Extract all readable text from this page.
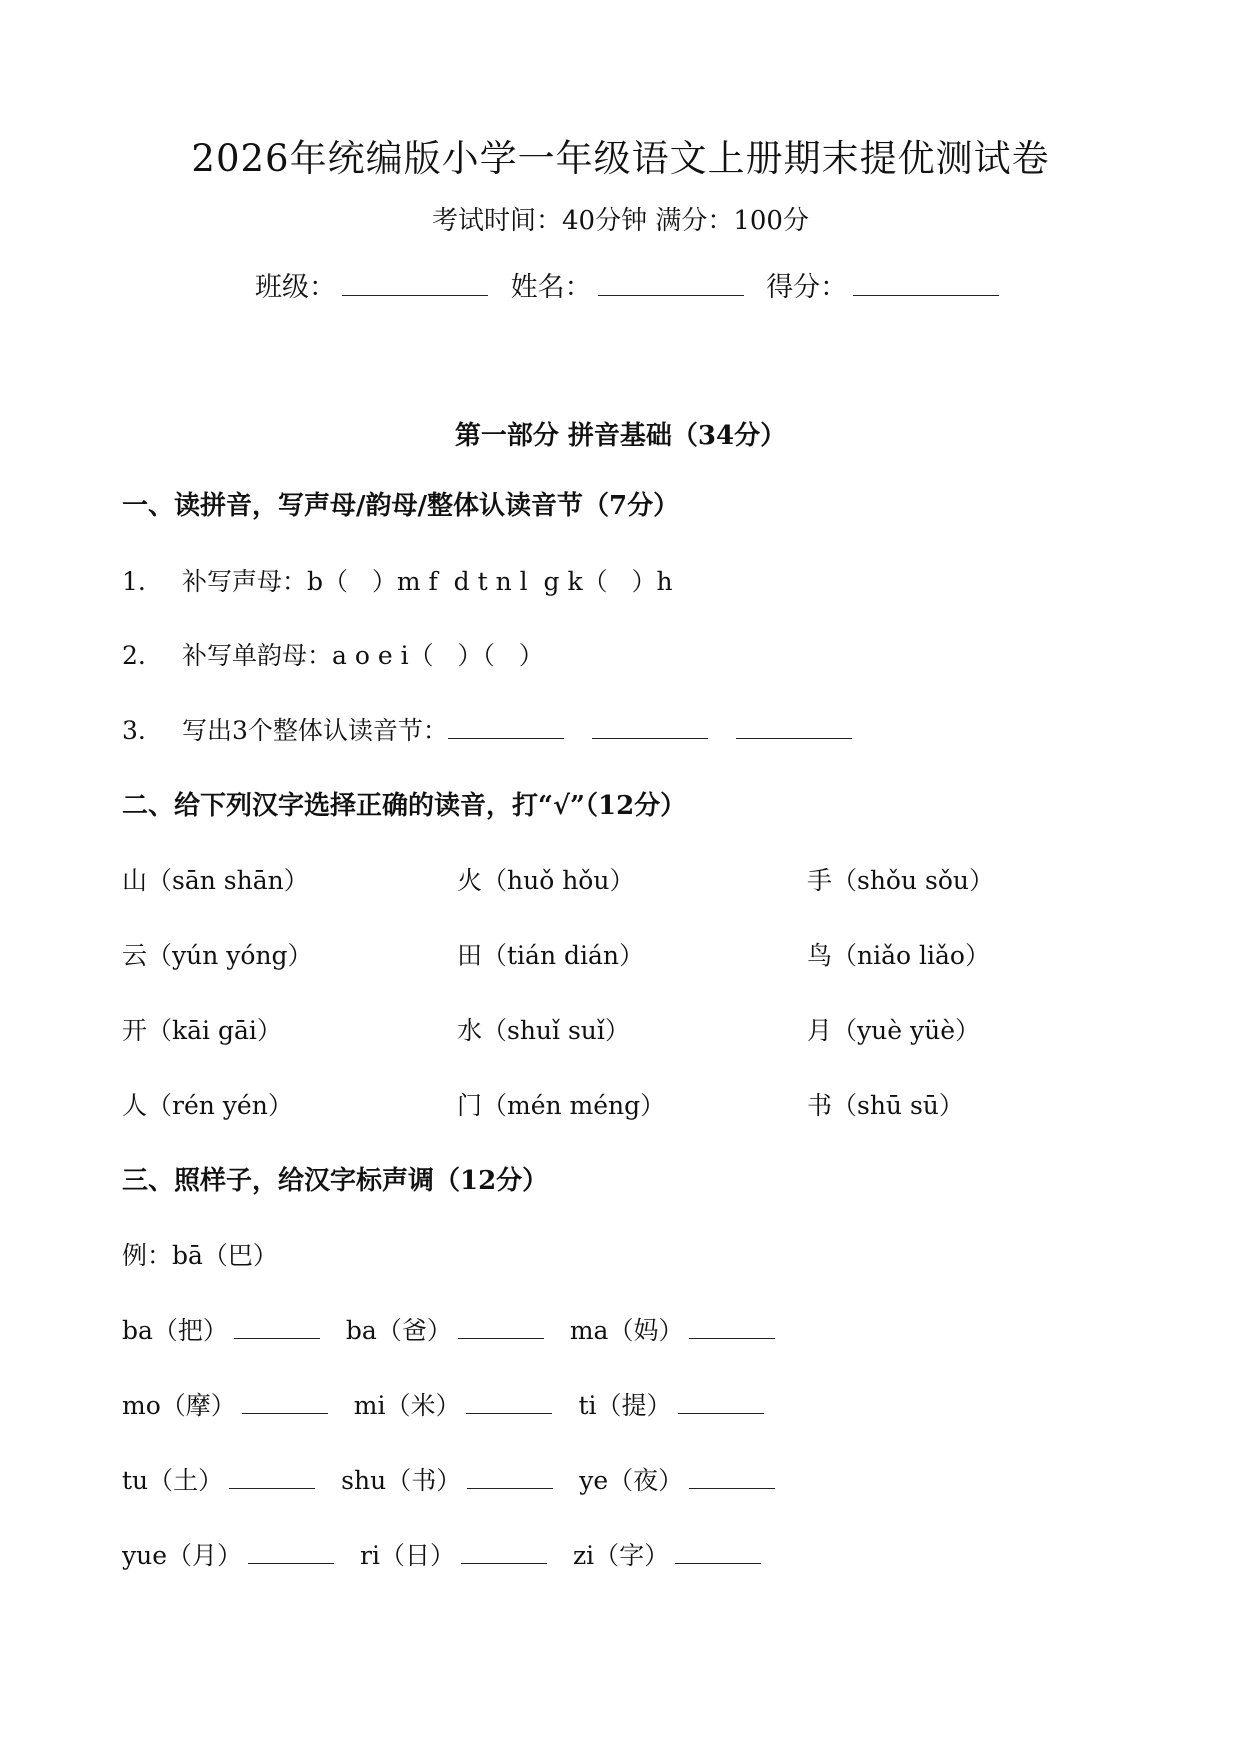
2026年统编版小学一年级语文上册期末提优测试卷
考试时间：40分钟 满分：100分
班级：	姓名：	得分：
第一部分 拼音基础（34分）
一、读拼音，写声母/韵母/整体认读音节（7分）
1. 补写声母：b（   ）m f  d t n l  g k（   ）h
2. 补写单韵母：a o e i（   ）（   ）
3. 写出3个整体认读音节：
二、给下列汉字选择正确的读音，打“√”（12分）
山（sān shān）	火（huǒ hǒu）	手（shǒu sǒu）
云（yún yóng）	田（tián dián）	鸟（niǎo liǎo）
开（kāi gāi）	水（shuǐ suǐ）	月（yuè yüè）
人（rén yén）	门（mén méng）	书（shū sū）
三、照样子，给汉字标声调（12分）
例：bā（巴）
ba（把）	ba（爸）	ma（妈）
mo（摩）	mi（米）	ti（提）
tu（土）	shu（书）	ye（夜）
yue（月）	ri（日）	zi（字）
